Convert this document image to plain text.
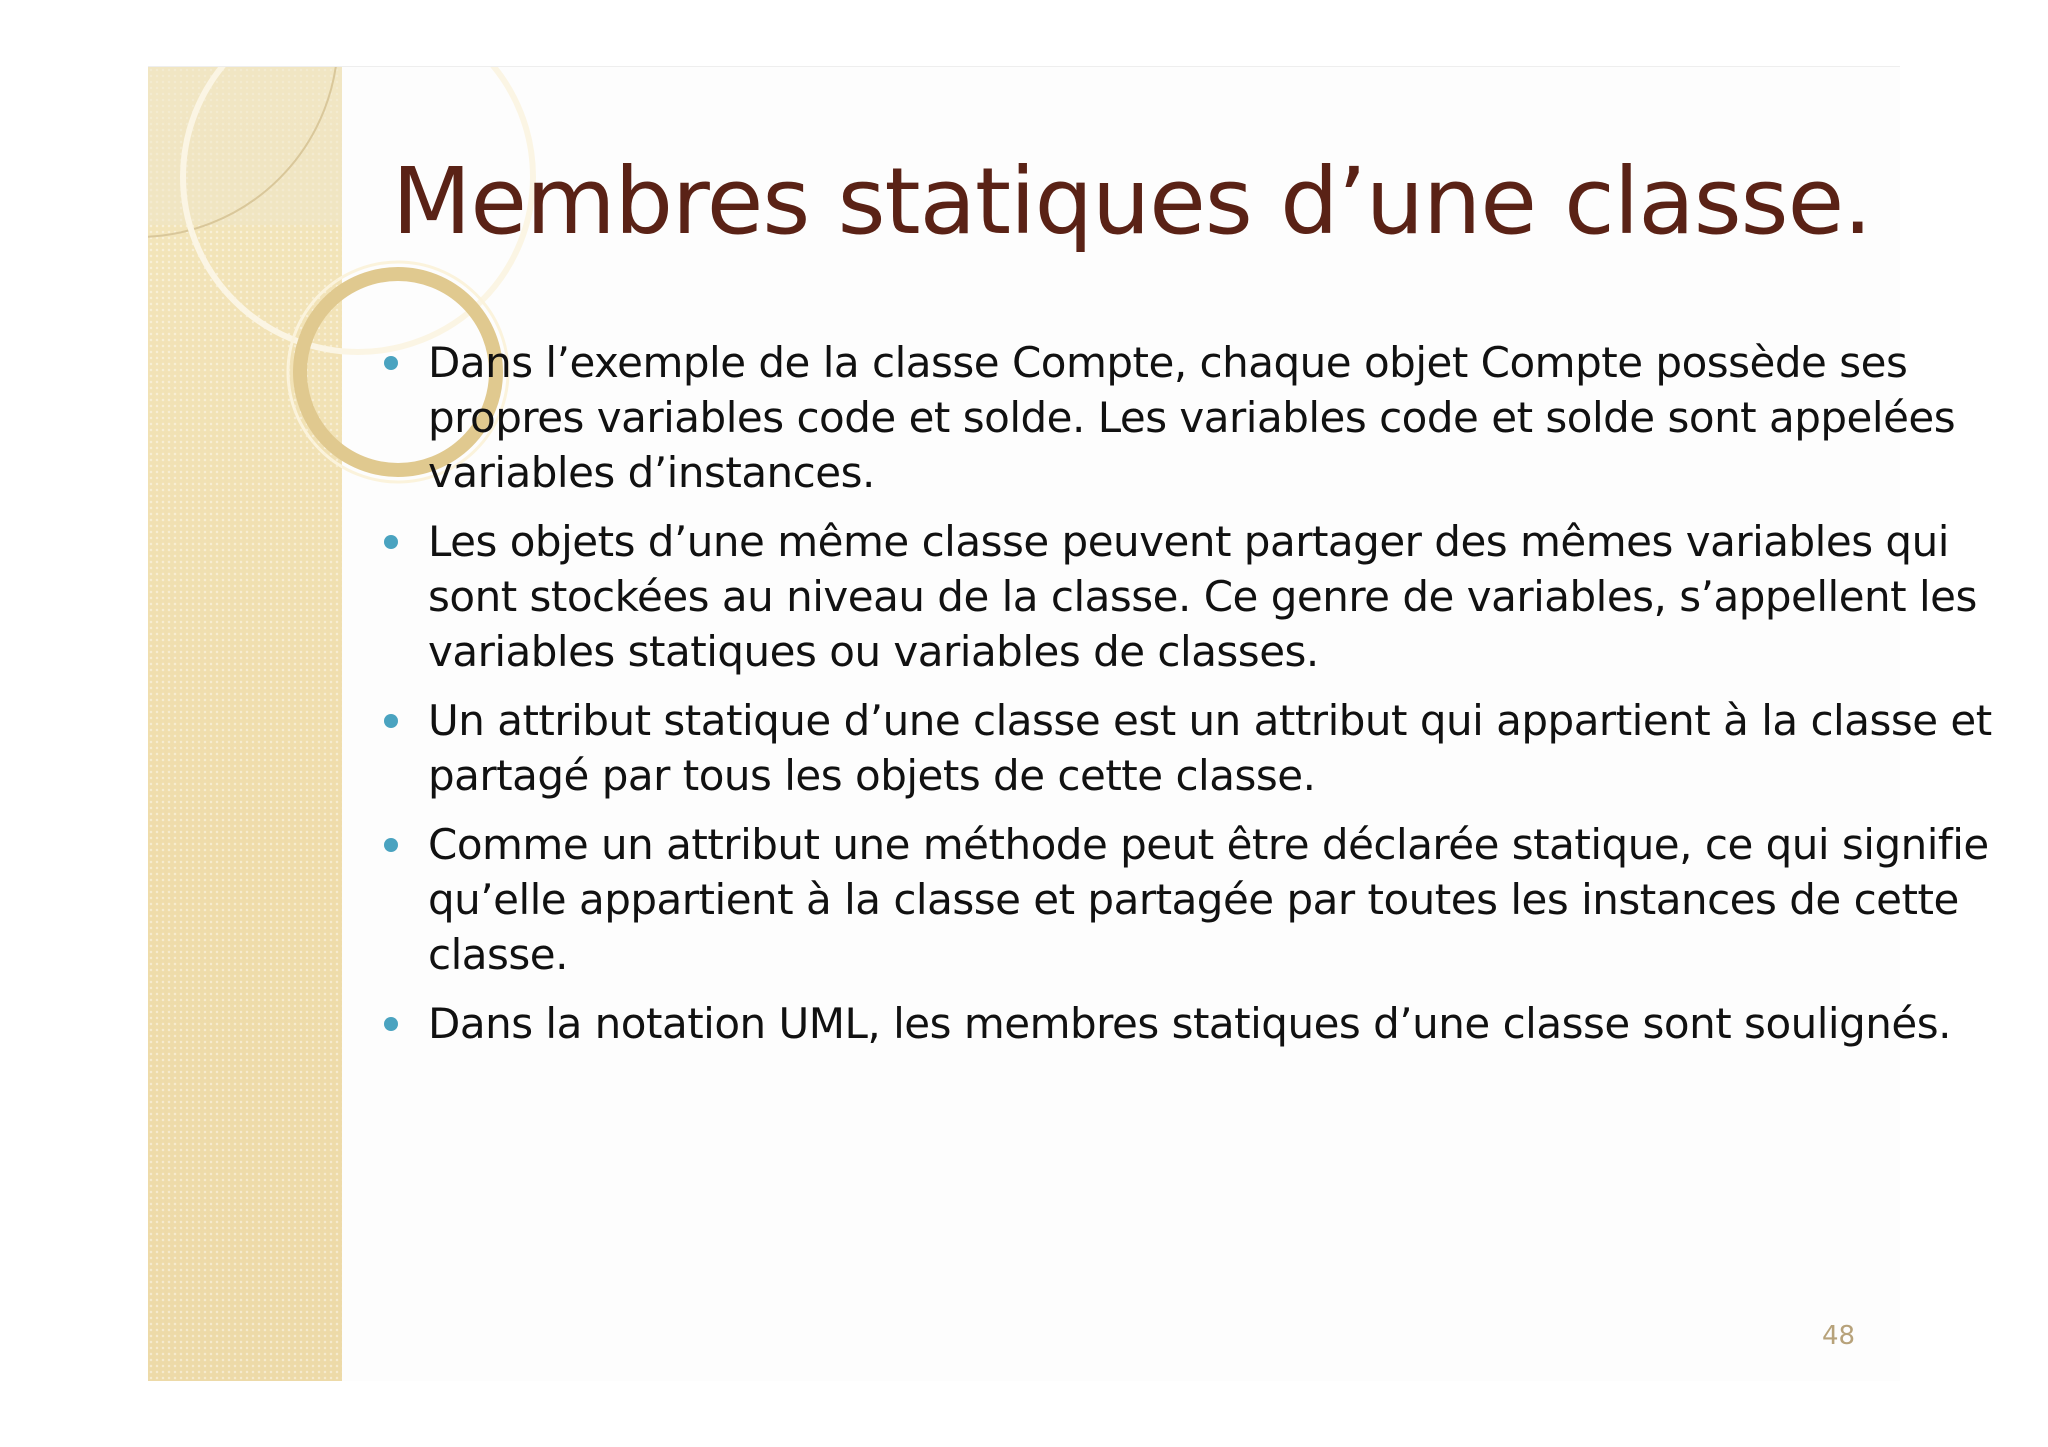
Membres statiques d’une classe.
Dans l’exemple de la classe Compte, chaque objet Compte possède ses propres variables code et solde. Les variables code et solde sont appelées variables d’instances.
Les objets d’une même classe peuvent partager des mêmes variables qui sont stockées au niveau de la classe. Ce genre de variables, s’appellent les variables statiques ou variables de classes.
Un attribut statique d’une classe est un attribut qui appartient à la classe et partagé par tous les objets de cette classe.
Comme un attribut une méthode peut être déclarée statique, ce qui signifie qu’elle appartient à la classe et partagée par toutes les instances de cette classe.
Dans la notation UML, les membres statiques d’une classe sont soulignés.
48
